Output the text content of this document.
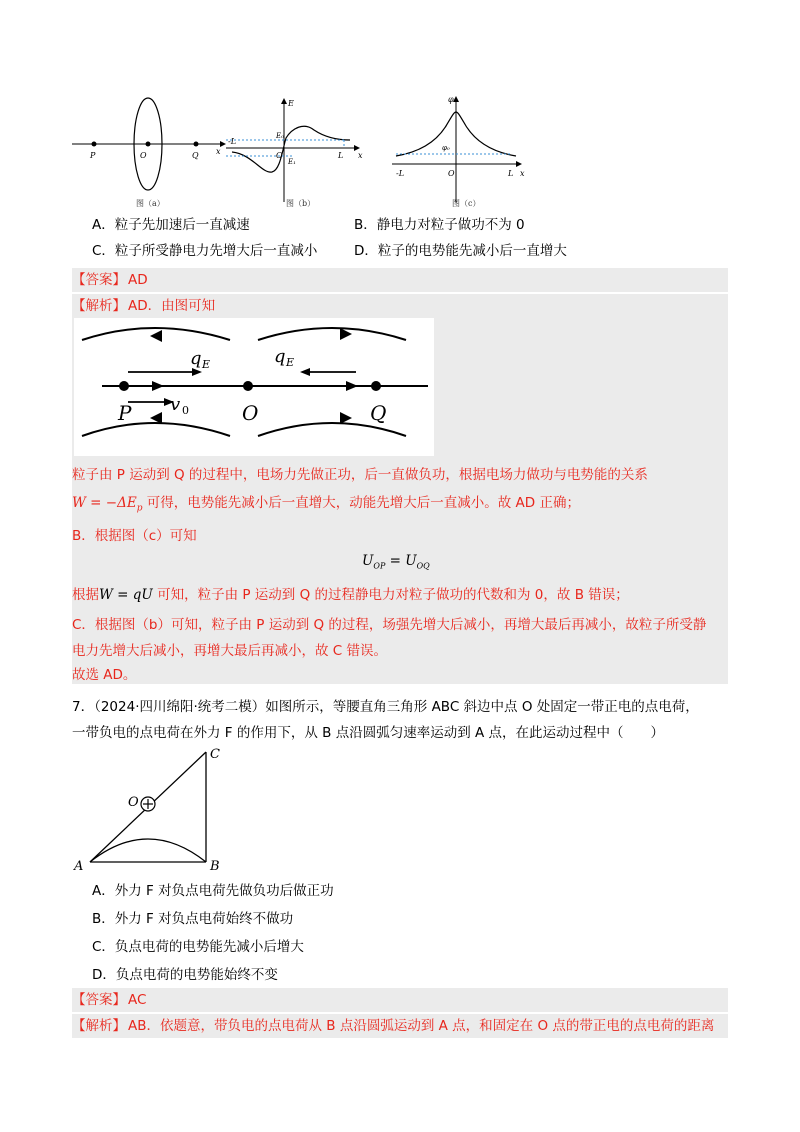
P	O	Q x
图（a）
E
O	x
-L
L
E₀
E₁
图（b）
φ
φ₀
O	x
-L	L
图（c）
A．粒子先加速后一直减速	B．静电力对粒子做功不为 0
C．粒子所受静电力先增大后一直减小	D．粒子的电势能先减小后一直增大
【答案】 AD
【解析】 AD．由图可知
q E	q E
P v 0	O	Q
粒子由 P 运动到 Q 的过程中，电场力先做正功，后一直做负功，根据电场力做功与电势能的关系
$W = -\Delta E_p$ 可得，电势能先减小后一直增大，动能先增大后一直减小。故 AD 正确；
B．根据图（c）可知
$U_{OP} = U_{OQ}$
根据W = qU 可知，粒子由 P 运动到 Q 的过程静电力对粒子做功的代数和为 0，故 B 错误；
C．根据图（b）可知，粒子由 P 运动到 Q 的过程，场强先增大后减小，再增大最后再减小，故粒子所受静
电力先增大后减小，再增大最后再减小，故 C 错误。
故选 AD。
7．（2024·四川绵阳·统考二模）如图所示，等腰直角三角形 ABC 斜边中点 O 处固定一带正电的点电荷，
一带负电的点电荷在外力 F 的作用下，从 B 点沿圆弧匀速率运动到 A 点，在此运动过程中（　　）
A	B
C
O
A．外力 F 对负点电荷先做负功后做正功
B．外力 F 对负点电荷始终不做功
C．负点电荷的电势能先减小后增大
D．负点电荷的电势能始终不变
【答案】 AC
【解析】 AB．依题意，带负电的点电荷从 B 点沿圆弧运动到 A 点，和固定在 O 点的带正电的点电荷的距离
